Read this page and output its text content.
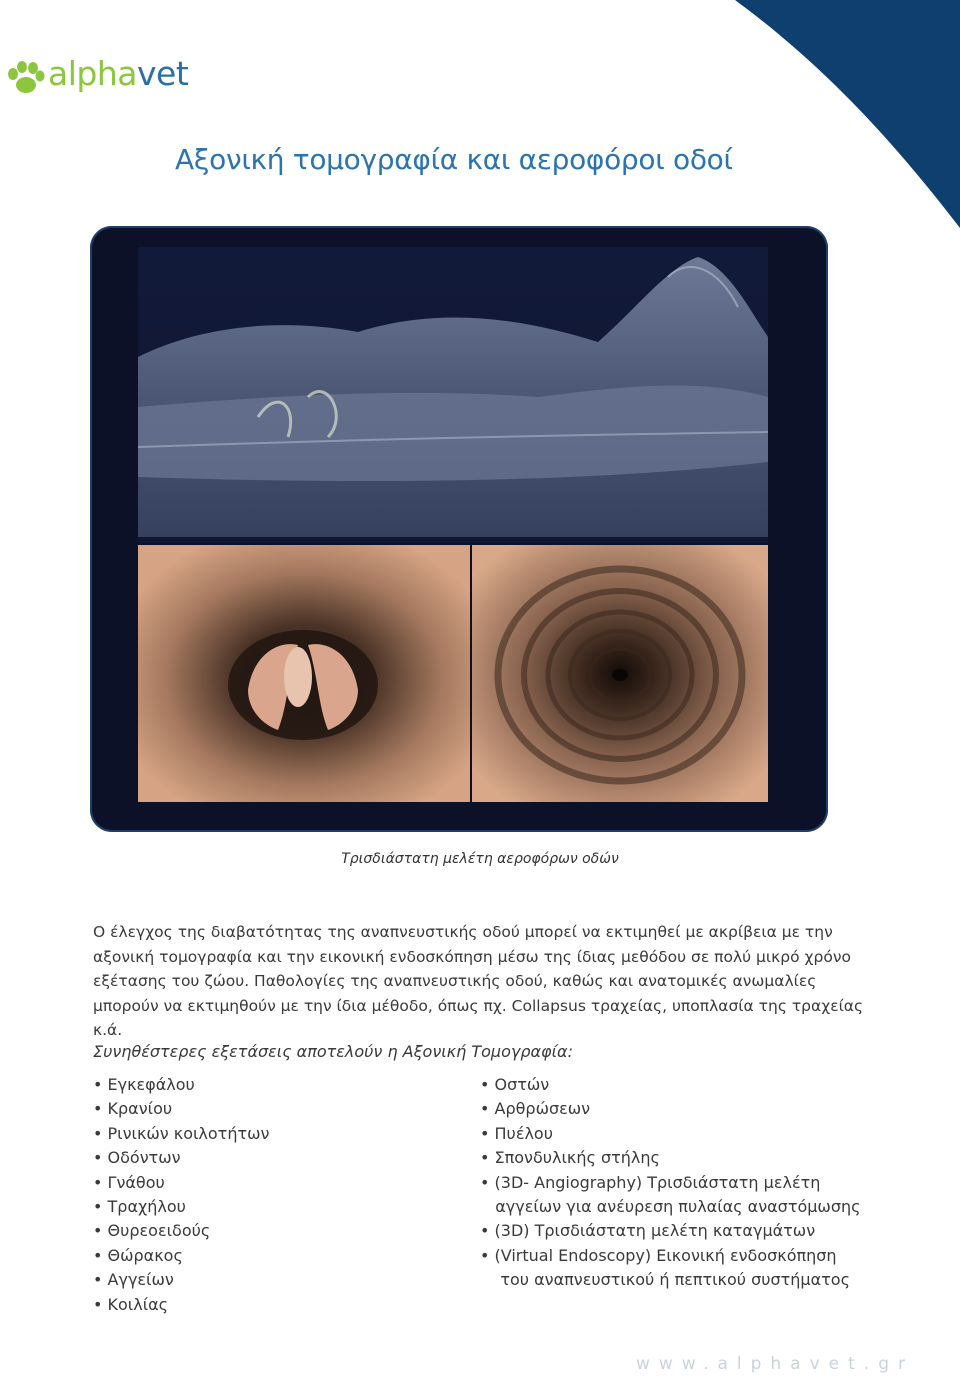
alphavet
Αξονική τομογραφία και αεροφόροι οδοί

Τρισδιάστατη μελέτη αεροφόρων οδών

Ο έλεγχος της διαβατότητας της αναπνευστικής οδού μπορεί να εκτιμηθεί με ακρίβεια με την αξονική τομογραφία και την εικονική ενδοσκόπηση μέσω της ίδιας μεθόδου σε πολύ μικρό χρόνο εξέτασης του ζώου. Παθολογίες της αναπνευστικής οδού, καθώς και ανατομικές ανωμαλίες μπορούν να εκτιμηθούν με την ίδια μέθοδο, όπως πχ. Collapsus τραχείας, υποπλασία της τραχείας κ.ά.

Συνηθέστερες εξετάσεις αποτελούν η Αξονική Τομογραφία:

• Εγκεφάλου
• Κρανίου
• Ρινικών κοιλοτήτων
• Οδόντων
• Γνάθου
• Τραχήλου
• Θυρεοειδούς
• Θώρακος
• Αγγείων
• Κοιλίας
• Οστών
• Αρθρώσεων
• Πυέλου
• Σπονδυλικής στήλης
• (3D- Angiography) Τρισδιάστατη μελέτη
αγγείων για ανέυρεση πυλαίας αναστόμωσης
• (3D) Τρισδιάστατη μελέτη καταγμάτων
• (Virtual Endoscopy) Εικονική ενδοσκόπηση
του αναπνευστικού ή πεπτικού συστήματος

www.alphavet.gr
